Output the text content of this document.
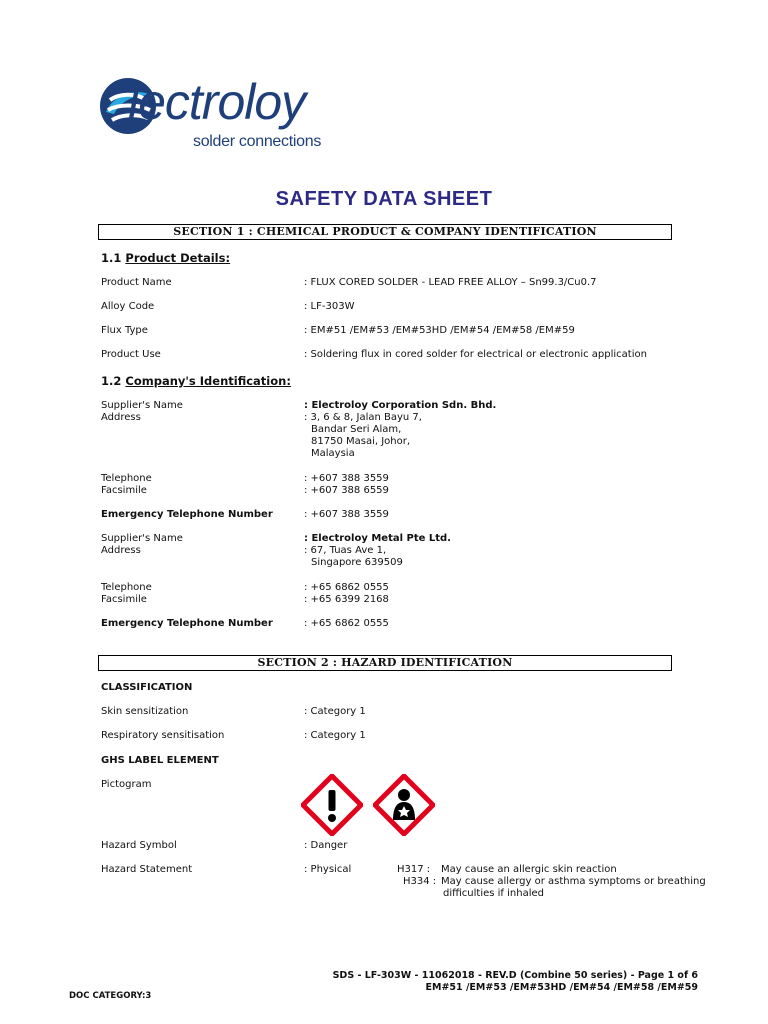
lectroloy
solder connections
SAFETY DATA SHEET
SECTION 1 : CHEMICAL PRODUCT & COMPANY IDENTIFICATION
1.1 Product Details:
Product Name	: FLUX CORED SOLDER - LEAD FREE ALLOY – Sn99.3/Cu0.7
Alloy Code	: LF-303W
Flux Type	: EM#51 /EM#53 /EM#53HD /EM#54 /EM#58 /EM#59
Product Use	: Soldering flux in cored solder for electrical or electronic application
1.2 Company's Identification:
Supplier's Name	: Electroloy Corporation Sdn. Bhd.
Address	: 3, 6 & 8, Jalan Bayu 7,
Bandar Seri Alam,
81750 Masai, Johor,
Malaysia
Telephone	: +607 388 3559
Facsimile	: +607 388 6559
Emergency Telephone Number	: +607 388 3559
Supplier's Name	: Electroloy Metal Pte Ltd.
Address	: 67, Tuas Ave 1,
Singapore 639509
Telephone	: +65 6862 0555
Facsimile	: +65 6399 2168
Emergency Telephone Number	: +65 6862 0555
SECTION 2 : HAZARD IDENTIFICATION
CLASSIFICATION
Skin sensitization	: Category 1
Respiratory sensitisation	: Category 1
GHS LABEL ELEMENT
Pictogram
Hazard Symbol	: Danger
Hazard Statement	: Physical	H317 : May cause an allergic skin reaction
H334 : May cause allergy or asthma symptoms or breathing
difficulties if inhaled
SDS - LF-303W - 11062018 - REV.D (Combine 50 series) - Page 1 of 6
EM#51 /EM#53 /EM#53HD /EM#54 /EM#58 /EM#59
DOC CATEGORY:3
